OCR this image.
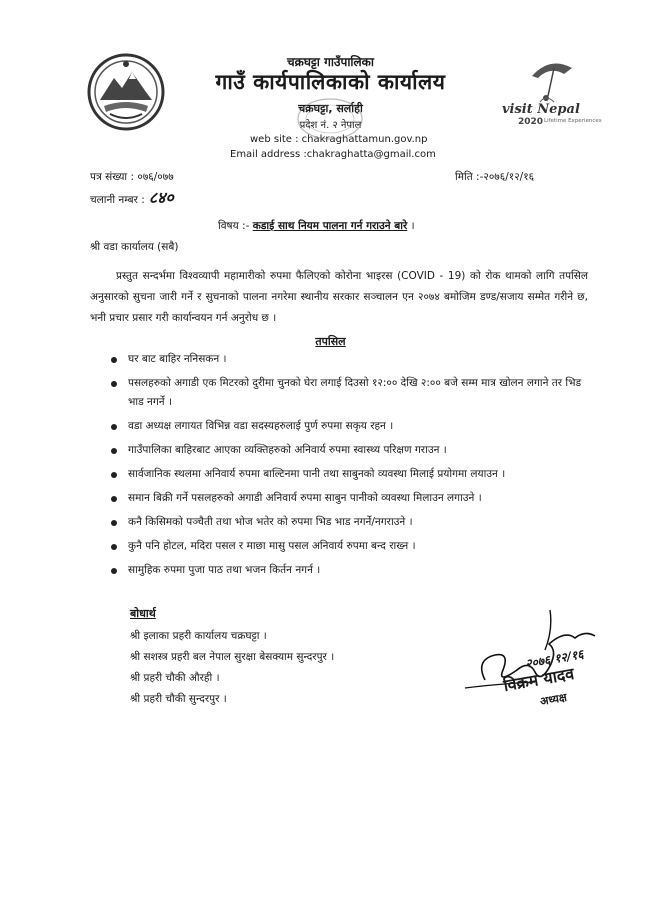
चक्रघट्टा गाउँपालिका
गाउँ कार्यपालिकाको कार्यालय
चक्रघट्टा, सर्लाही
प्रदेश नं. २ नेपाल
web site : chakraghattamun.gov.np
Email address :chakraghatta@gmail.com
visit Nepal
2020 Lifetime Experiences
पत्र संख्या : ०७६/०७७
चलानी नम्बर : ८४०
मिति :-२०७६/१२/१६
विषय :- कडाई साथ नियम पालना गर्न गराउने बारे ।
श्री वडा कार्यालय (सबै)
प्रस्तुत सन्दर्भमा विश्वव्यापी महामारीको रुपमा फैलिएको कोरोना भाइरस (COVID - 19) को रोक थामको लागि तपसिल अनुसारको सुचना जारी गर्ने र सुचनाको पालना नगरेमा स्थानीय सरकार सञ्चालन एन २०७४ बमोजिम डण्ड/सजाय सम्मेत गरीने छ, भनी प्रचार प्रसार गरी कार्यान्वयन गर्न अनुरोध छ ।
तपसिल
घर बाट बाहिर ननिसकन ।
पसलहरुको अगाडी एक मिटरको दुरीमा चुनको घेरा लगाई दिउसो १२:०० देखि २:०० बजे सम्म मात्र खोलन लगाने तर भिड भाड नगर्ने ।
वडा अध्यक्ष लगायत विभिन्न वडा सदस्यहरुलाई पुर्ण रुपमा सकृय रहन ।
गाउँपालिका बाहिरबाट आएका व्यक्तिहरुको अनिवार्य रुपमा स्वास्थ्य परिक्षण गराउन ।
सार्वजानिक स्थलमा अनिवार्य रुपमा बाल्टिनमा पानी तथा साबुनको व्यवस्था मिलाई प्रयोगमा लयाउन ।
समान बिक्री गर्ने पसलहरुको अगाडी अनिवार्य रुपमा साबुन पानीको व्यवस्था मिलाउन लगाउने ।
कनै किसिमको पञ्चैती तथा भोज भतेर को रुपमा भिड भाड नगर्ने/नगराउने ।
कुनै पनि होटल, मदिरा पसल र माछा मासु पसल अनिवार्य रुपमा बन्द राख्न ।
सामुहिक रुपमा पुजा पाठ तथा भजन किर्तन नगर्न ।
बोधार्थ
श्री इलाका प्रहरी कार्यालय चक्रघट्टा ।
श्री सशस्त्र प्रहरी बल नेपाल सुरक्षा बेसक्याम सुन्दरपुर ।
श्री प्रहरी चौकी औरही ।
श्री प्रहरी चौकी सुन्दरपुर ।
२०७६/१२/१६
विक्रम यादव
अध्यक्ष
